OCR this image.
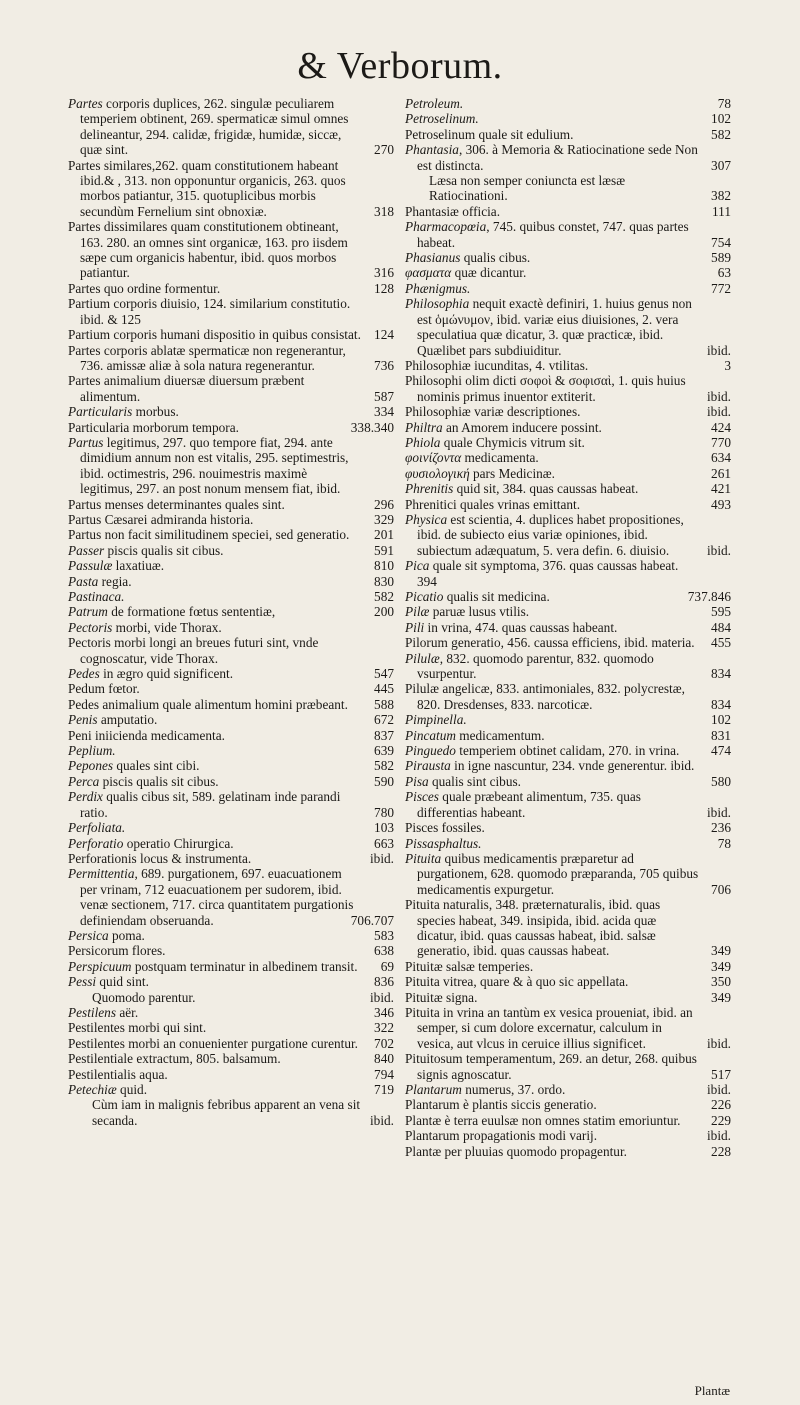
& Verborum.

Partes corporis duplices, 262. singulæ peculiarem temperiem obtinent, 269. spermaticæ simul omnes delineantur, 294. calidæ, frigidæ, humidæ, siccæ, quæ sint.	270

Partes similares,262. quam constitutionem habeant ibid.& , 313. non opponuntur organicis, 263. quos morbos patiantur, 315. quotuplicibus morbis secundùm Fernelium sint obnoxiæ.	318

Partes dissimilares quam constitutionem obtineant, 163. 280. an omnes sint organicæ, 163. pro iisdem sæpe cum organicis habentur, ibid. quos morbos patiantur.	316

Partes quo ordine formentur.	128

Partium corporis diuisio, 124. similarium constitutio. ibid. & 125

Partium corporis humani dispositio in quibus consistat. 124

Partes corporis ablatæ spermaticæ non regenerantur, 736. amissæ aliæ à sola natura regenerantur.	736

Partes animalium diuersæ diuersum præbent alimentum.	587

Particularis morbus.	334

Particularia morborum tempora.	338.340

Partus legitimus, 297. quo tempore fiat, 294. ante dimidium annum non est vitalis, 295. septimestris, ibid. octimestris, 296. nouimestris maximè legitimus, 297. an post nonum mensem fiat, ibid.

Partus menses determinantes quales sint.	296

Partus Cæsarei admiranda historia.	329

Partus non facit similitudinem speciei, sed generatio. 201

Passer piscis qualis sit cibus.	591

Passulæ laxatiuæ.	810

Pasta regia.	830

Pastinaca.	582

Patrum de formatione fœtus sententiæ,	200

Pectoris morbi, vide Thorax.

Pectoris morbi longi an breues futuri sint, vnde cognoscatur, vide Thorax.

Pedes in ægro quid significent.	547

Pedum fœtor.	445

Pedes animalium quale alimentum homini præbeant. 588

Penis amputatio.	672

Peni iniicienda medicamenta.	837

Peplium.	639

Pepones quales sint cibi.	582

Perca piscis qualis sit cibus.	590

Perdix qualis cibus sit, 589. gelatinam inde parandi ratio.	780

Perfoliata.	103

Perforatio operatio Chirurgica.	663

Perforationis locus & instrumenta.	ibid.

Permittentia, 689. purgationem, 697. euacuationem per vrinam, 712 euacuationem per sudorem, ibid. venæ sectionem, 717. circa quantitatem purgationis definiendam obseruanda.	706.707

Persica poma.	583

Persicorum flores.	638

Perspicuum postquam terminatur in albedinem transit. 69

Pessi quid sint.	836

Quomodo parentur.	ibid.

Pestilens aër.	346

Pestilentes morbi qui sint.	322

Pestilentes morbi an conuenienter purgatione curentur. 702

Pestilentiale extractum, 805. balsamum.	840

Pestilentialis aqua.	794

Petechiæ quid.	719

Cùm iam in malignis febribus apparent an vena sit secanda.	ibid.

Petroleum.	78

Petroselinum.	102

Petroselinum quale sit edulium.	582

Phantasia, 306. à Memoria & Ratiocinatione sede Non est distincta.	307

Læsa non semper coniuncta est læsæ Ratiocinationi.	382

Phantasiæ officia.	111

Pharmacopœia, 745. quibus constet, 747. quas partes habeat.	754

Phasianus qualis cibus.	589

φασματα quæ dicantur.	63

Phænigmus.	772

Philosophia nequit exactè definiri, 1. huius genus non est ὁμώνυμον, ibid. variæ eius diuisiones, 2. vera speculatiua quæ dicatur, 3. quæ practicæ, ibid. Quælibet pars subdiuiditur.	ibid.

Philosophiæ iucunditas, 4. vtilitas.	3

Philosophi olim dicti σοφοὶ & σοφισαὶ, 1. quis huius nominis primus inuentor extiterit.	ibid.

Philosophiæ variæ descriptiones.	ibid.

Philtra an Amorem inducere possint.	424

Phiola quale Chymicis vitrum sit.	770

φοινίζοντα medicamenta.	634

φυσιολογική pars Medicinæ.	261

Phrenitis quid sit, 384. quas caussas habeat.	421

Phrenitici quales vrinas emittant.	493

Physica est scientia, 4. duplices habet propositiones, ibid. de subiecto eius variæ opiniones, ibid. subiectum adæquatum, 5. vera defin. 6. diuisio.	ibid.

Pica quale sit symptoma, 376. quas caussas habeat. 394

Picatio qualis sit medicina.	737.846

Pilæ paruæ lusus vtilis.	595

Pili in vrina, 474. quas caussas habeant.	484

Pilorum generatio, 456. caussa efficiens, ibid. materia. 455

Pilulæ, 832. quomodo parentur, 832. quomodo vsurpentur.	834

Pilulæ angelicæ, 833. antimoniales, 832. polycrestæ, 820. Dresdenses, 833. narcoticæ.	834

Pimpinella.	102

Pincatum medicamentum.	831

Pinguedo temperiem obtinet calidam, 270. in vrina. 474

Pirausta in igne nascuntur, 234. vnde generentur. ibid.

Pisa qualis sint cibus.	580

Pisces quale præbeant alimentum, 735. quas differentias habeant.	ibid.

Pisces fossiles.	236

Pissasphaltus.	78

Pituita quibus medicamentis præparetur ad purgationem, 628. quomodo præparanda, 705 quibus medicamentis expurgetur.	706

Pituita naturalis, 348. præternaturalis, ibid. quas species habeat, 349. insipida, ibid. acida quæ dicatur, ibid. quas caussas habeat, ibid. salsæ generatio, ibid. quas caussas habeat.	349

Pituitæ salsæ temperies.	349

Pituita vitrea, quare & à quo sic appellata.	350

Pituitæ signa.	349

Pituita in vrina an tantùm ex vesica proueniat, ibid. an semper, si cum dolore excernatur, calculum in vesica, aut vlcus in ceruice illius significet.	ibid.

Pituitosum temperamentum, 269. an detur, 268. quibus signis agnoscatur.	517

Plantarum numerus, 37. ordo.	ibid.

Plantarum è plantis siccis generatio.	226

Plantæ è terra euulsæ non omnes statim emoriuntur. 229

Plantarum propagationis modi varij.	ibid.

Plantæ per pluuias quomodo propagentur.	228

Plantæ
